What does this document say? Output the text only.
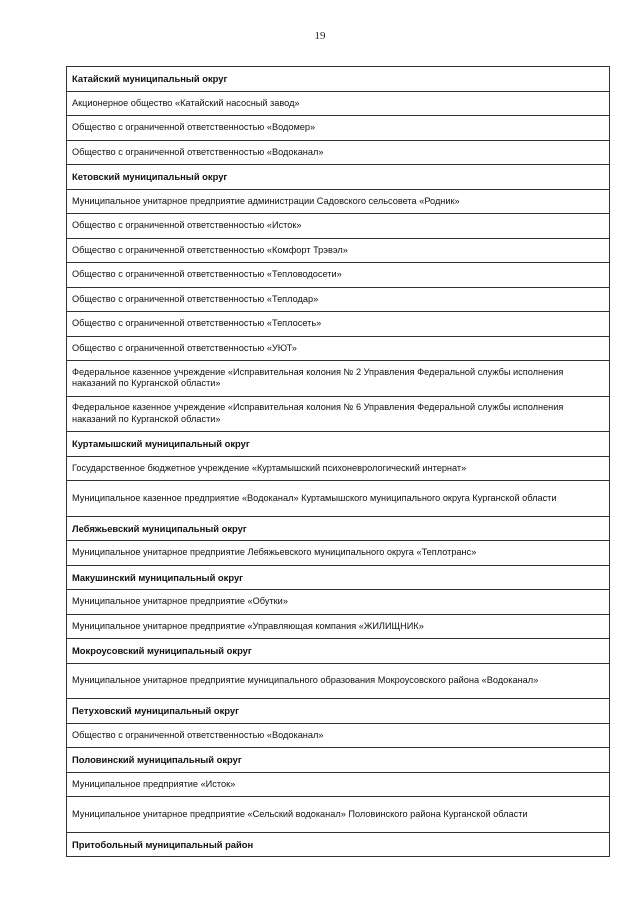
19
Катайский муниципальный округ
Акционерное общество «Катайский насосный завод»
Общество с ограниченной ответственностью «Водомер»
Общество с ограниченной ответственностью «Водоканал»
Кетовский муниципальный округ
Муниципальное унитарное предприятие администрации Садовского сельсовета «Родник»
Общество с ограниченной ответственностью «Исток»
Общество с ограниченной ответственностью «Комфорт Трэвэл»
Общество с ограниченной ответственностью «Тепловодосети»
Общество с ограниченной ответственностью «Теплодар»
Общество с ограниченной ответственностью «Теплосеть»
Общество с ограниченной ответственностью «УЮТ»
Федеральное казенное учреждение «Исправительная колония № 2 Управления Федеральной службы исполнения наказаний по Курганской области»
Федеральное казенное учреждение «Исправительная колония № 6 Управления Федеральной службы исполнения наказаний по Курганской области»
Куртамышский муниципальный округ
Государственное бюджетное учреждение «Куртамышский психоневрологический интернат»
Муниципальное казенное предприятие «Водоканал» Куртамышского муниципального округа Курганской области
Лебяжьевский муниципальный округ
Муниципальное унитарное предприятие Лебяжьевского муниципального округа «Теплотранс»
Макушинский муниципальный округ
Муниципальное унитарное предприятие «Обутки»
Муниципальное унитарное предприятие «Управляющая компания «ЖИЛИЩНИК»
Мокроусовский муниципальный округ
Муниципальное унитарное предприятие муниципального образования Мокроусовского района «Водоканал»
Петуховский муниципальный округ
Общество с ограниченной ответственностью «Водоканал»
Половинский муниципальный округ
Муниципальное предприятие «Исток»
Муниципальное унитарное предприятие «Сельский водоканал» Половинского района Курганской области
Притобольный муниципальный район
